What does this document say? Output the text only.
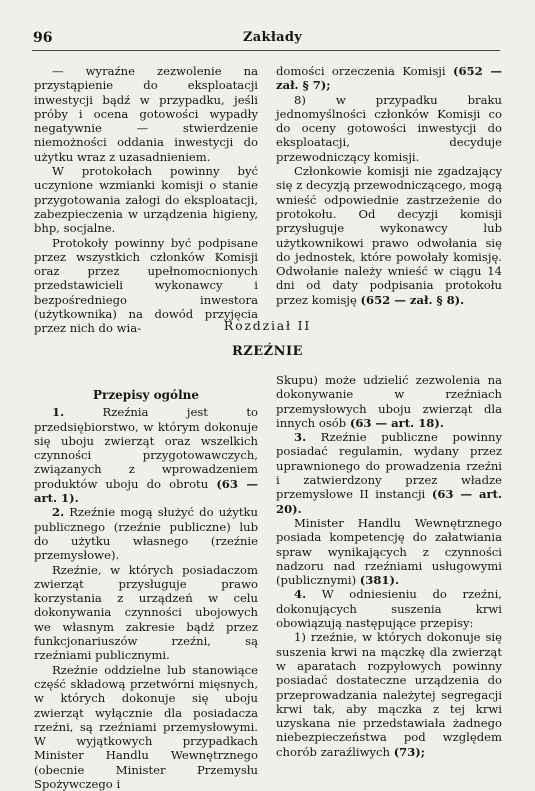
96	Zakłady

— wyraźne zezwolenie na przystąpienie do eksploatacji inwestycji bądź w przypadku, jeśli próby i ocena gotowości wypadły negatywnie — stwierdzenie niemożności oddania inwestycji do użytku wraz z uzasadnieniem.

W protokołach powinny być uczynione wzmianki komisji o stanie przygotowania załogi do eksploatacji, zabezpieczenia w urządzenia higieny, bhp, socjalne.

Protokoły powinny być podpisane przez wszystkich członków Komisji oraz przez upełnomocnionych przedstawicieli wykonawcy i bezpośredniego inwestora (użytkownika) na dowód przyjęcia przez nich do wia-

domości orzeczenia Komisji (652 — zał. § 7);

8) w przypadku braku jednomyślności członków Komisji co do oceny gotowości inwestycji do eksploatacji, decyduje przewodniczący komisji.

Członkowie komisji nie zgadzający się z decyzją przewodniczącego, mogą wnieść odpowiednie zastrzeżenie do protokołu. Od decyzji komisji przysługuje wykonawcy lub użytkownikowi prawo odwołania się do jednostek, które powołały komisję. Odwołanie należy wnieść w ciągu 14 dni od daty podpisania protokołu przez komisję (652 — zał. § 8).

Rozdział II
RZEŹNIE

Przepisy ogólne

1. Rzeźnia jest to przedsiębiorstwo, w którym dokonuje się uboju zwierząt oraz wszelkich czynności przygotowawczych, związanych z wprowadzeniem produktów uboju do obrotu (63 — art. 1).

2. Rzeźnie mogą służyć do użytku publicznego (rzeźnie publiczne) lub do użytku własnego (rzeźnie przemysłowe).

Rzeźnie, w których posiadaczom zwierząt przysługuje prawo korzystania z urządzeń w celu dokonywania czynności ubojowych we własnym zakresie bądź przez funkcjonariuszów rzeźni, są rzeźniami publicznymi.

Rzeźnie oddzielne lub stanowiące część składową przetwórni mięsnych, w których dokonuje się uboju zwierząt wyłącznie dla posiadacza rzeźni, są rzeźniami przemysłowymi. W wyjątkowych przypadkach Minister Handlu Wewnętrznego (obecnie Minister Przemysłu Spożywczego i

Skupu) może udzielić zezwolenia na dokonywanie w rzeźniach przemysłowych uboju zwierząt dla innych osób (63 — art. 18).

3. Rzeźnie publiczne powinny posiadać regulamin, wydany przez uprawnionego do prowadzenia rzeźni i zatwierdzony przez władze przemysłowe II instancji (63 — art. 20).

Minister Handlu Wewnętrznego posiada kompetencję do załatwiania spraw wynikających z czynności nadzoru nad rzeźniami usługowymi (publicznymi) (381).

4. W odniesieniu do rzeźni, dokonujących suszenia krwi obowiązują następujące przepisy:

1) rzeźnie, w których dokonuje się suszenia krwi na mączkę dla zwierząt w aparatach rozpyłowych powinny posiadać dostateczne urządzenia do przeprowadzania należytej segregacji krwi tak, aby mączka z tej krwi uzyskana nie przedstawiała żadnego niebezpieczeństwa pod względem chorób zaraźliwych (73);
